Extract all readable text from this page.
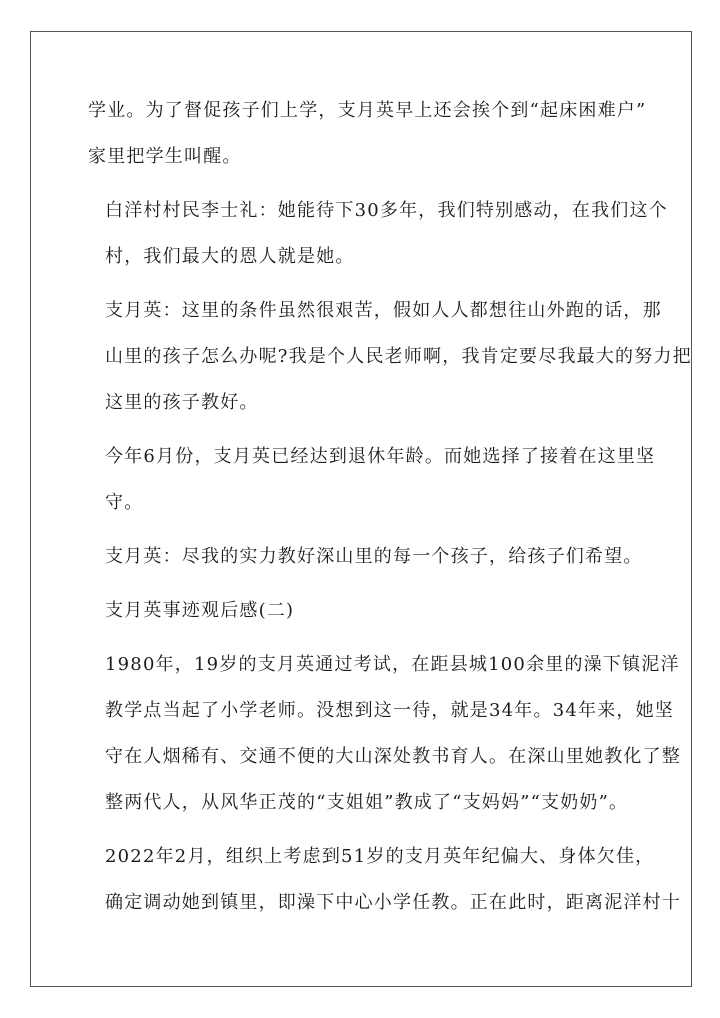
学业。为了督促孩子们上学，支月英早上还会挨个到“起床困难户”
家里把学生叫醒。
白洋村村民李士礼：她能待下30多年，我们特别感动，在我们这个
村，我们最大的恩人就是她。
支月英：这里的条件虽然很艰苦，假如人人都想往山外跑的话，那
山里的孩子怎么办呢?我是个人民老师啊，我肯定要尽我最大的努力把
这里的孩子教好。
今年6月份，支月英已经达到退休年龄。而她选择了接着在这里坚
守。
支月英：尽我的实力教好深山里的每一个孩子，给孩子们希望。
支月英事迹观后感(二)
1980年，19岁的支月英通过考试，在距县城100余里的澡下镇泥洋
教学点当起了小学老师。没想到这一待，就是34年。34年来，她坚
守在人烟稀有、交通不便的大山深处教书育人。在深山里她教化了整
整两代人，从风华正茂的“支姐姐”教成了“支妈妈”“支奶奶”。
2022年2月，组织上考虑到51岁的支月英年纪偏大、身体欠佳，
确定调动她到镇里，即澡下中心小学任教。正在此时，距离泥洋村十
